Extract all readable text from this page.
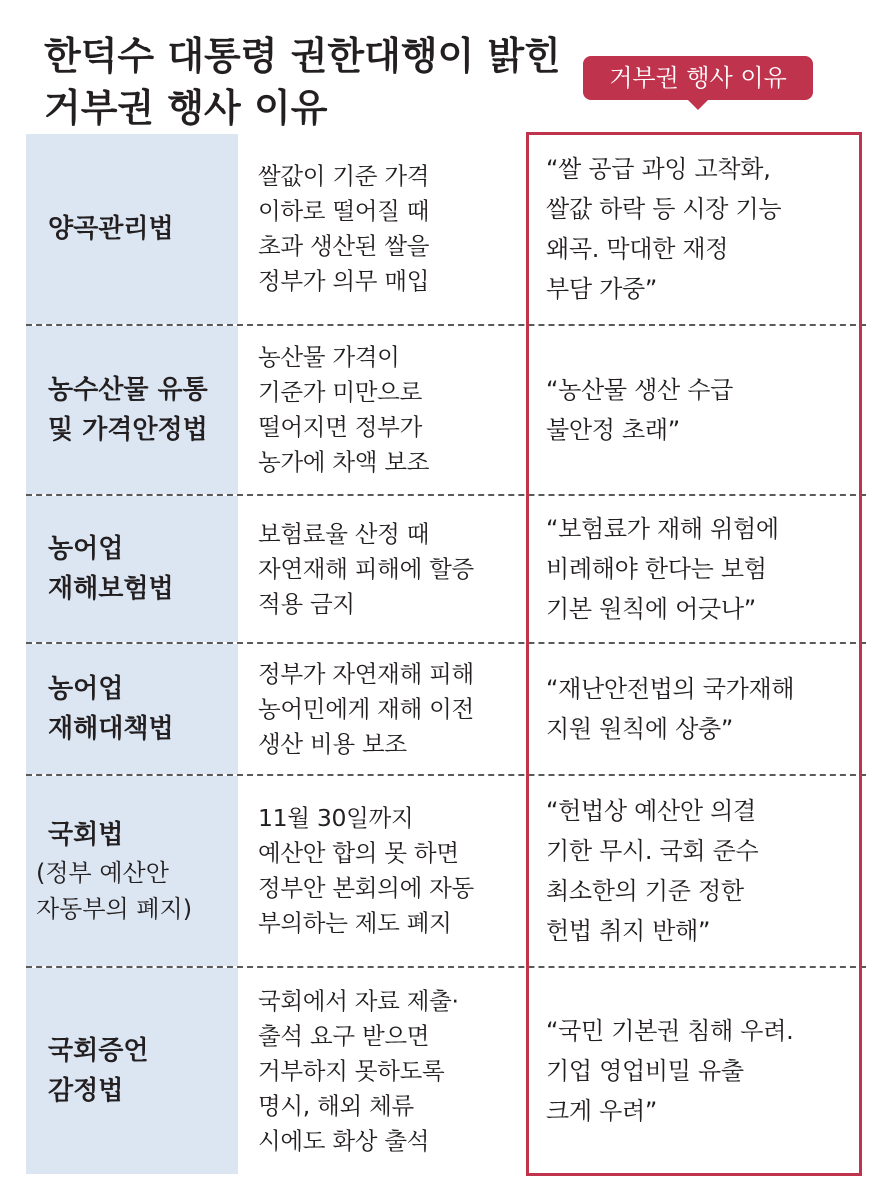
한덕수 대통령 권한대행이 밝힌
거부권 행사 이유
거부권 행사 이유
양곡관리법
쌀값이 기준 가격
이하로 떨어질 때
초과 생산된 쌀을
정부가 의무 매입
“쌀 공급 과잉 고착화,
쌀값 하락 등 시장 기능
왜곡. 막대한 재정
부담 가중”
농수산물 유통
및 가격안정법
농산물 가격이
기준가 미만으로
떨어지면 정부가
농가에 차액 보조
“농산물 생산 수급
불안정 초래”
농어업
재해보험법
보험료율 산정 때
자연재해 피해에 할증
적용 금지
“보험료가 재해 위험에
비례해야 한다는 보험
기본 원칙에 어긋나”
농어업
재해대책법
정부가 자연재해 피해
농어민에게 재해 이전
생산 비용 보조
“재난안전법의 국가재해
지원 원칙에 상충”
국회법
(정부 예산안
자동부의 폐지)
11월 30일까지
예산안 합의 못 하면
정부안 본회의에 자동
부의하는 제도 폐지
“헌법상 예산안 의결
기한 무시. 국회 준수
최소한의 기준 정한
헌법 취지 반해”
국회증언
감정법
국회에서 자료 제출·
출석 요구 받으면
거부하지 못하도록
명시, 해외 체류
시에도 화상 출석
“국민 기본권 침해 우려.
기업 영업비밀 유출
크게 우려”
